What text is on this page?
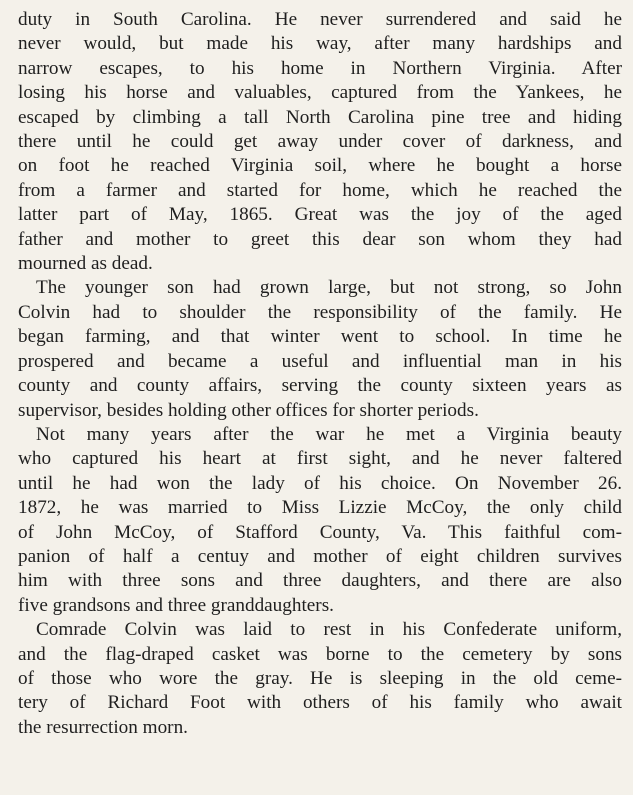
duty in South Carolina. He never surrendered and said he
never would, but made his way, after many hardships and
narrow escapes, to his home in Northern Virginia. After
losing his horse and valuables, captured from the Yankees, he
escaped by climbing a tall North Carolina pine tree and hiding
there until he could get away under cover of darkness, and
on foot he reached Virginia soil, where he bought a horse
from a farmer and started for home, which he reached the
latter part of May, 1865. Great was the joy of the aged
father and mother to greet this dear son whom they had
mourned as dead.
The younger son had grown large, but not strong, so John
Colvin had to shoulder the responsibility of the family. He
began farming, and that winter went to school. In time he
prospered and became a useful and influential man in his
county and county affairs, serving the county sixteen years as
supervisor, besides holding other offices for shorter periods.
Not many years after the war he met a Virginia beauty
who captured his heart at first sight, and he never faltered
until he had won the lady of his choice. On November 26.
1872, he was married to Miss Lizzie McCoy, the only child
of John McCoy, of Stafford County, Va. This faithful com-
panion of half a centuy and mother of eight children survives
him with three sons and three daughters, and there are also
five grandsons and three granddaughters.
Comrade Colvin was laid to rest in his Confederate uniform,
and the flag-draped casket was borne to the cemetery by sons
of those who wore the gray. He is sleeping in the old ceme-
tery of Richard Foot with others of his family who await
the resurrection morn.
